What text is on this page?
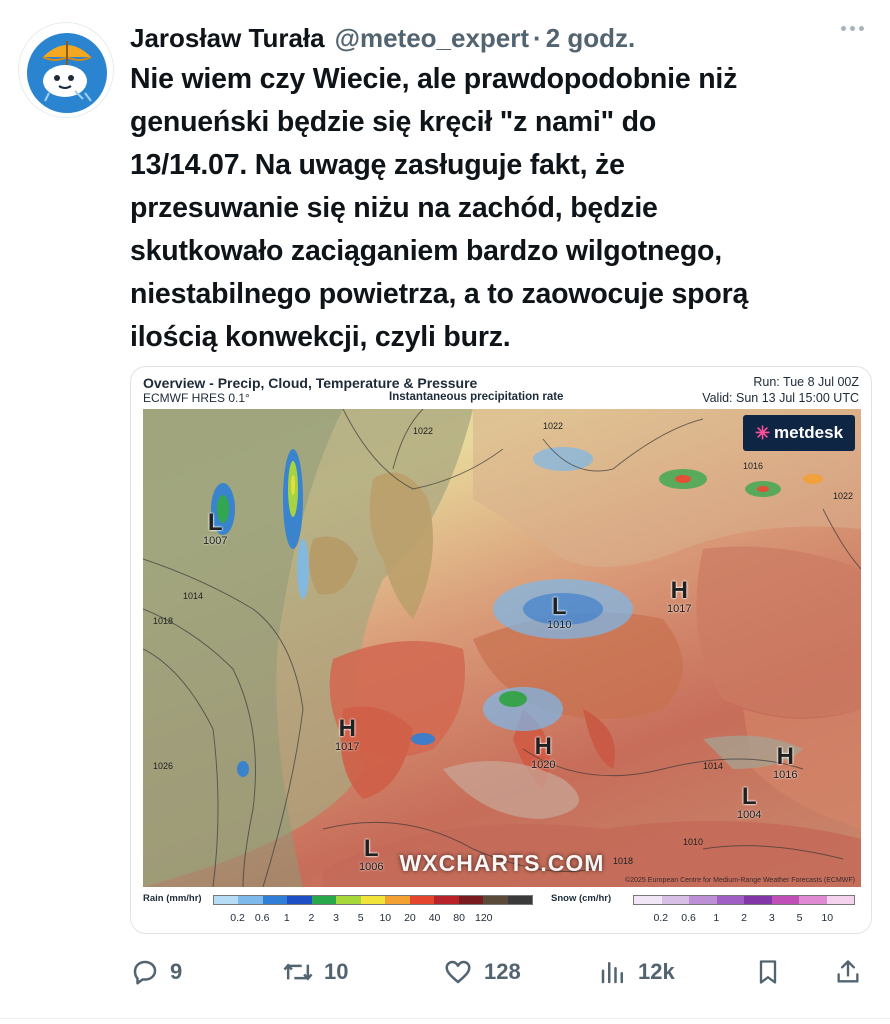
Jarosław Turała @meteo_expert · 2 godz.
Nie wiem czy Wiecie, ale prawdopodobnie niż
genueński będzie się kręcił "z nami" do
13/14.07. Na uwagę zasługuje fakt, że
przesuwanie się niżu na zachód, będzie
skutkowało zaciąganiem bardzo wilgotnego,
niestabilnego powietrza, a to zaowocuje sporą
ilością konwekcji, czyli burz.
Overview - Precip, Cloud, Temperature & Pressure
ECMWF HRES 0.1°	Instantaneous precipitation rate
Run: Tue 8 Jul 00Z
Valid: Sun 13 Jul 15:00 UTC
1022	1022
1014
1018
1016
1022
1026
1010
1014
1018
L
1007
L
1010
H
1017
H
1017	H
1020	H
1016
L
1004
L
1006
✳ metdesk
WXCHARTS.COM
©2025 European Centre for Medium-Range Weather Forecasts (ECMWF)
Rain (mm/hr)	Snow (cm/hr)
0.2 0.6 1 2 3 5 10 20 40 80 120	0.2 0.6 1 2 3 5 10
9	10	128	12k
